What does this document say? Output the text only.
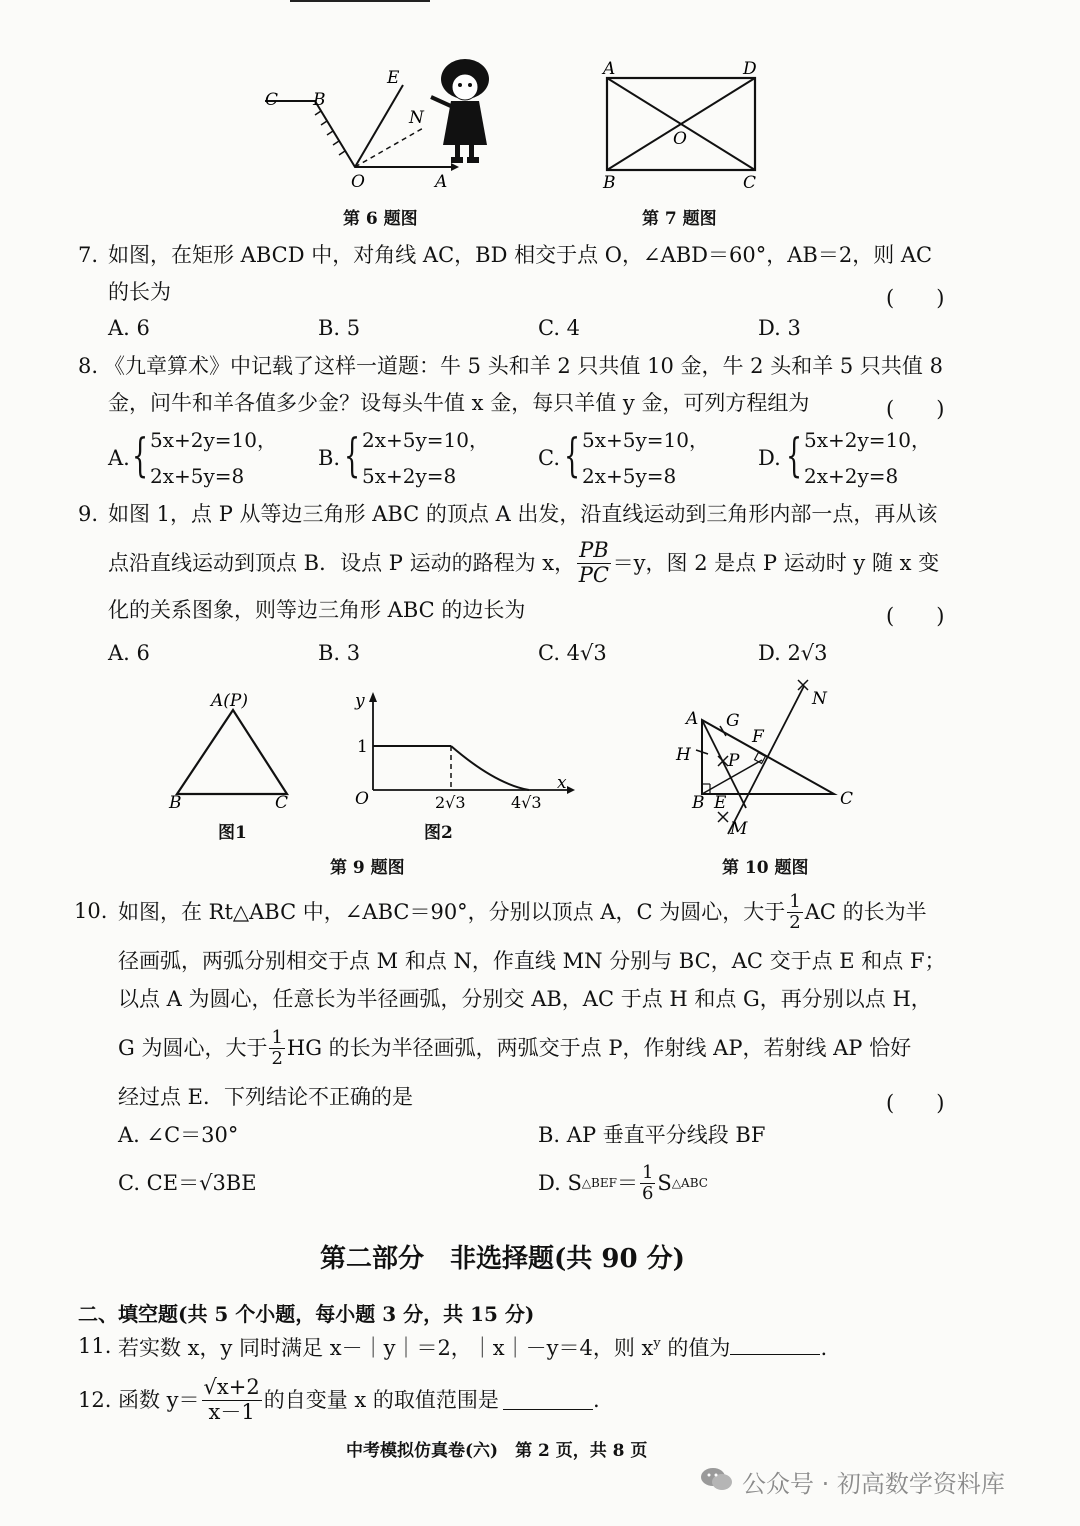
C B
E
N
O	A
第 6 题图
A	D
O
B	C
第 7 题图
7. 如图，在矩形 ABCD 中，对角线 AC，BD 相交于点 O，∠ABD＝60°，AB＝2，则 AC
的长为	(　　)
A. 6	B. 5	C. 4	D. 3
8. 《九章算术》中记载了这样一道题：牛 5 头和羊 2 只共值 10 金，牛 2 头和羊 5 只共值 8
金，问牛和羊各值多少金？设每头牛值 x 金，每只羊值 y 金，可列方程组为	(　　)
A. { 5x+2y=10，
2x+5y=8
B. { 2x+5y=10，
5x+2y=8
C. { 5x+5y=10，
2x+5y=8
D. { 5x+2y=10，
2x+2y=8
9. 如图 1，点 P 从等边三角形 ABC 的顶点 A 出发，沿直线运动到三角形内部一点，再从该
点沿直线运动到顶点 B．设点 P 运动的路程为 x， $\frac{PB}{PC} =y$，图 2 是点 P 运动时 y 随 x 变
化的关系图象，则等边三角形 ABC 的边长为	(　　)
A. 6	B. 3	C. 4√3	D. 2√3
A(P)
B	C
图1
y
1
O	2√3	4√3
x
图2
第 9 题图
A G
N
F
H P
B E	C
M
第 10 题图
10. 如图，在 Rt△ABC 中，∠ABC＝90°，分别以顶点 A，C 为圆心，大于 $\frac{1}{2}$ AC 的长为半
径画弧，两弧分别相交于点 M 和点 N，作直线 MN 分别与 BC，AC 交于点 E 和点 F；
以点 A 为圆心，任意长为半径画弧，分别交 AB，AC 于点 H 和点 G，再分别以点 H，
G 为圆心，大于 $\frac{1}{2}$ HG 的长为半径画弧，两弧交于点 P，作射线 AP，若射线 AP 恰好
经过点 E．下列结论不正确的是	(　　)
A. ∠C＝30°	B. AP 垂直平分线段 BF
C. CE＝√3BE	D. S △BEF ＝ $\frac{1}{6}$ S △ABC
第二部分　非选择题(共 90 分)
二、填空题(共 5 个小题，每小题 3 分，共 15 分)
11. 若实数 x，y 同时满足 x－｜y｜＝2，｜x｜－y＝4，则 $x^y$ 的值为	.
12. 函数 $y= \frac{√x+2}{x-1}$ 的自变量 x 的取值范围是	.
中考模拟仿真卷(六)　第 2 页，共 8 页
公众号 · 初高数学资料库
